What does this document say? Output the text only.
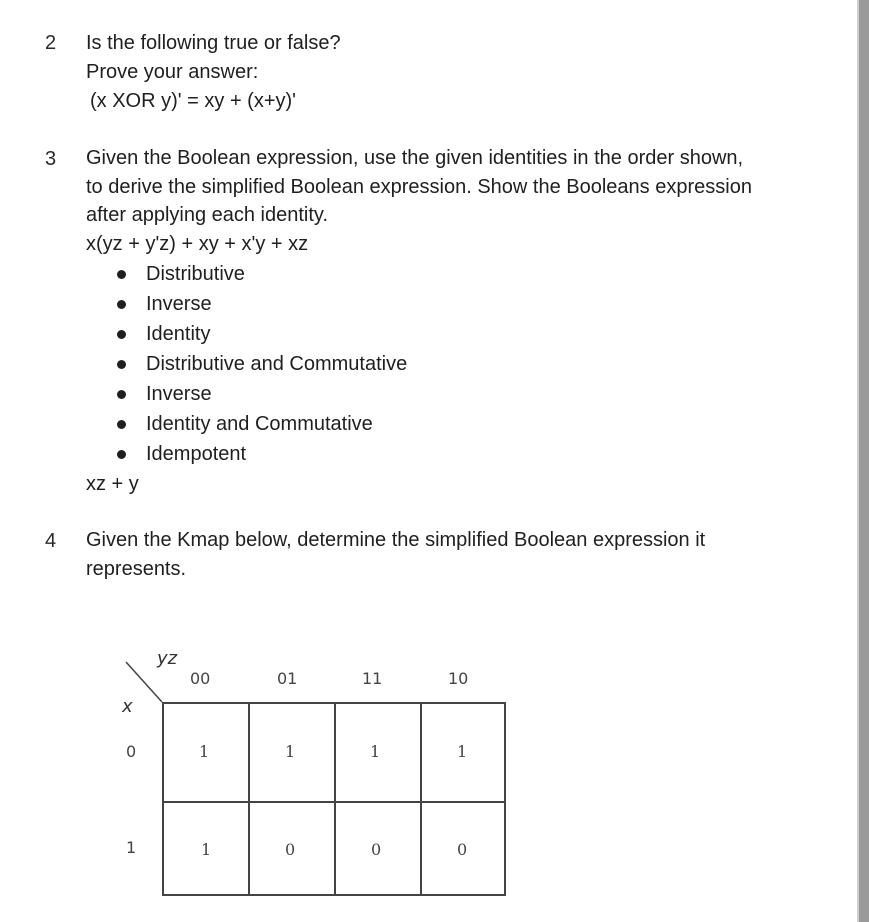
2 Is the following true or false?
Prove your answer:
(x XOR y)' = xy + (x+y)'
3 Given the Boolean expression, use the given identities in the order shown,
to derive the simplified Boolean expression. Show the Booleans expression
after applying each identity.
x(yz + y'z) + xy + x'y + xz
Distributive
Inverse
Identity
Distributive and Commutative
Inverse
Identity and Commutative
Idempotent
xz + y
4 Given the Kmap below, determine the simplified Boolean expression it
represents.
yz
x
00	01	11	10
0
1
1	1	1	1
1	0	0	0
